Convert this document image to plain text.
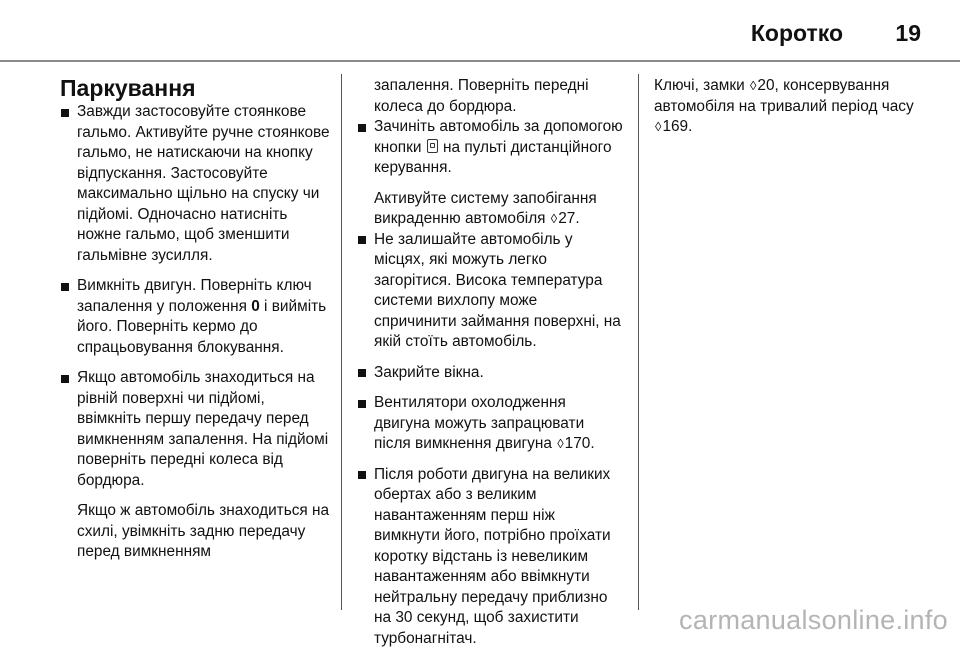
Коротко 19

Паркування

Завжди застосовуйте стоянкове гальмо. Активуйте ручне стоянкове гальмо, не натискаючи на кнопку відпускання. Застосовуйте максимально щільно на спуску чи підйомі. Одночасно натисніть ножне гальмо, щоб зменшити гальмівне зусилля.

Вимкніть двигун. Поверніть ключ запалення у положення 0 і вийміть його. Поверніть кермо до спрацьовування блокування.

Якщо автомобіль знаходиться на рівній поверхні чи підйомі, ввімкніть першу передачу перед вимкненням запалення. На підйомі поверніть передні колеса від бордюра.

Якщо ж автомобіль знаходиться на схилі, увімкніть задню передачу перед вимкненням

запалення. Поверніть передні колеса до бордюра.

Зачиніть автомобіль за допомогою кнопки  на пульті дистанційного керування.

Активуйте систему запобігання викраденню автомобіля ◊27.

Не залишайте автомобіль у місцях, які можуть легко загорітися. Висока температура системи вихлопу може спричинити займання поверхні, на якій стоїть автомобіль.

Закрийте вікна.

Вентилятори охолодження двигуна можуть запрацювати після вимкнення двигуна ◊170.

Після роботи двигуна на великих обертах або з великим навантаженням перш ніж вимкнути його, потрібно проїхати коротку відстань із невеликим навантаженням або ввімкнути нейтральну передачу приблизно на 30 секунд, щоб захистити турбонагнітач.

Ключі, замки ◊20, консервування автомобіля на тривалий період часу ◊169.

carmanualsonline.info
